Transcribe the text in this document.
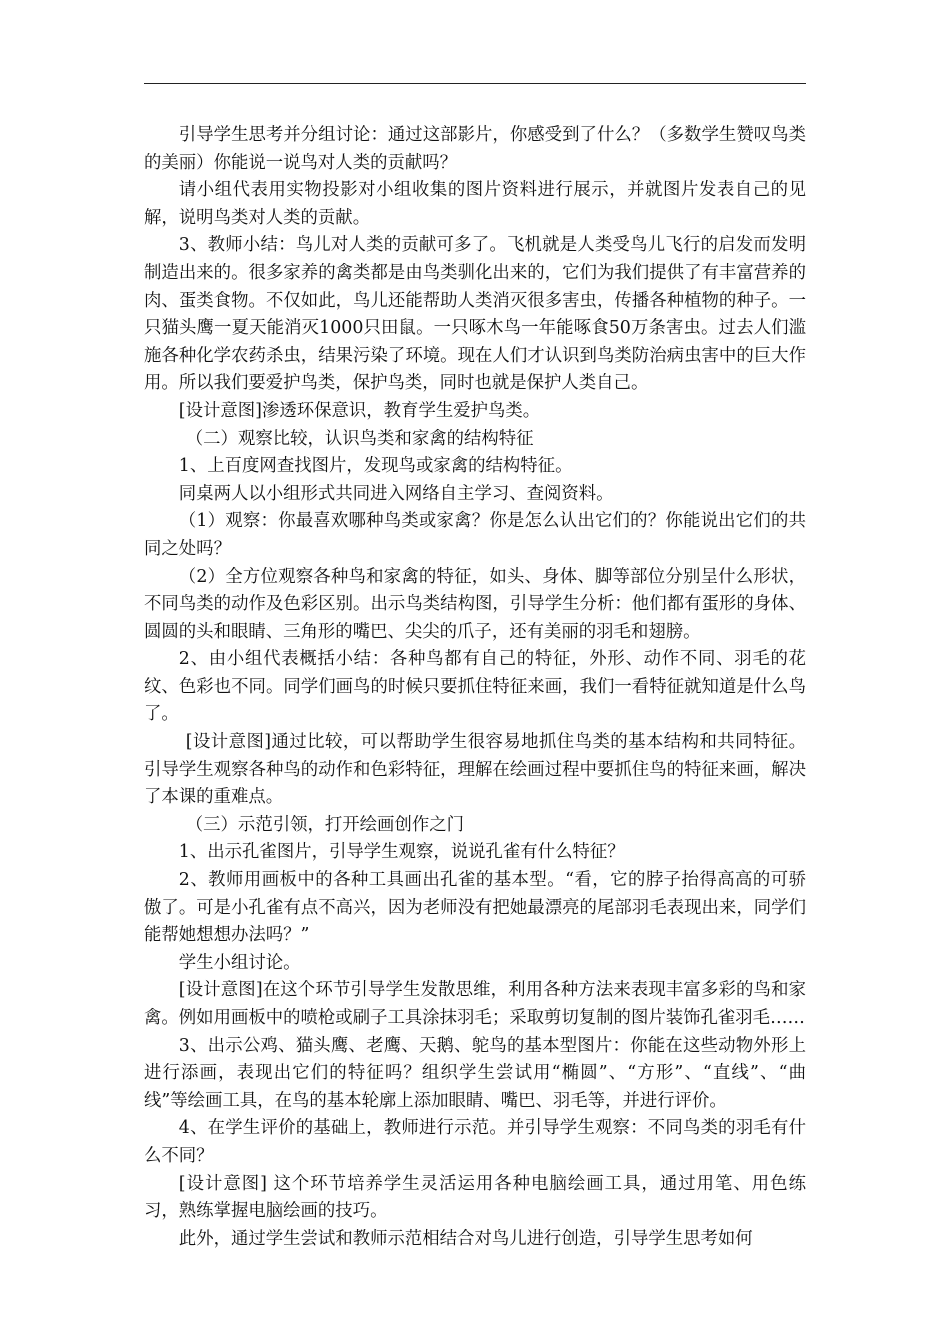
引导学生思考并分组讨论：通过这部影片，你感受到了什么？（多数学生赞叹鸟类的美丽）你能说一说鸟对人类的贡献吗？

请小组代表用实物投影对小组收集的图片资料进行展示，并就图片发表自己的见解，说明鸟类对人类的贡献。

3、教师小结：鸟儿对人类的贡献可多了。飞机就是人类受鸟儿飞行的启发而发明制造出来的。很多家养的禽类都是由鸟类驯化出来的，它们为我们提供了有丰富营养的肉、蛋类食物。不仅如此，鸟儿还能帮助人类消灭很多害虫，传播各种植物的种子。一只猫头鹰一夏天能消灭1000只田鼠。一只啄木鸟一年能啄食50万条害虫。过去人们滥施各种化学农药杀虫，结果污染了环境。现在人们才认识到鸟类防治病虫害中的巨大作用。所以我们要爱护鸟类，保护鸟类，同时也就是保护人类自己。

[设计意图]渗透环保意识，教育学生爱护鸟类。

（二）观察比较，认识鸟类和家禽的结构特征

1、上百度网查找图片，发现鸟或家禽的结构特征。

同桌两人以小组形式共同进入网络自主学习、查阅资料。

（1）观察：你最喜欢哪种鸟类或家禽？你是怎么认出它们的？你能说出它们的共同之处吗？

（2）全方位观察各种鸟和家禽的特征，如头、身体、脚等部位分别呈什么形状，不同鸟类的动作及色彩区别。出示鸟类结构图，引导学生分析：他们都有蛋形的身体、圆圆的头和眼睛、三角形的嘴巴、尖尖的爪子，还有美丽的羽毛和翅膀。

2、由小组代表概括小结：各种鸟都有自己的特征，外形、动作不同、羽毛的花纹、色彩也不同。同学们画鸟的时候只要抓住特征来画，我们一看特征就知道是什么鸟了。

[设计意图]通过比较，可以帮助学生很容易地抓住鸟类的基本结构和共同特征。引导学生观察各种鸟的动作和色彩特征，理解在绘画过程中要抓住鸟的特征来画，解决了本课的重难点。

（三）示范引领，打开绘画创作之门

1、出示孔雀图片，引导学生观察，说说孔雀有什么特征？

2、教师用画板中的各种工具画出孔雀的基本型。“看，它的脖子抬得高高的可骄傲了。可是小孔雀有点不高兴，因为老师没有把她最漂亮的尾部羽毛表现出来，同学们能帮她想想办法吗？”

学生小组讨论。

[设计意图]在这个环节引导学生发散思维，利用各种方法来表现丰富多彩的鸟和家禽。例如用画板中的喷枪或刷子工具涂抹羽毛；采取剪切复制的图片装饰孔雀羽毛……

3、出示公鸡、猫头鹰、老鹰、天鹅、鸵鸟的基本型图片：你能在这些动物外形上进行添画，表现出它们的特征吗？组织学生尝试用“椭圆”、“方形”、“直线”、“曲线”等绘画工具，在鸟的基本轮廓上添加眼睛、嘴巴、羽毛等，并进行评价。

4、在学生评价的基础上，教师进行示范。并引导学生观察：不同鸟类的羽毛有什么不同？

[设计意图] 这个环节培养学生灵活运用各种电脑绘画工具，通过用笔、用色练习，熟练掌握电脑绘画的技巧。

此外，通过学生尝试和教师示范相结合对鸟儿进行创造，引导学生思考如何
